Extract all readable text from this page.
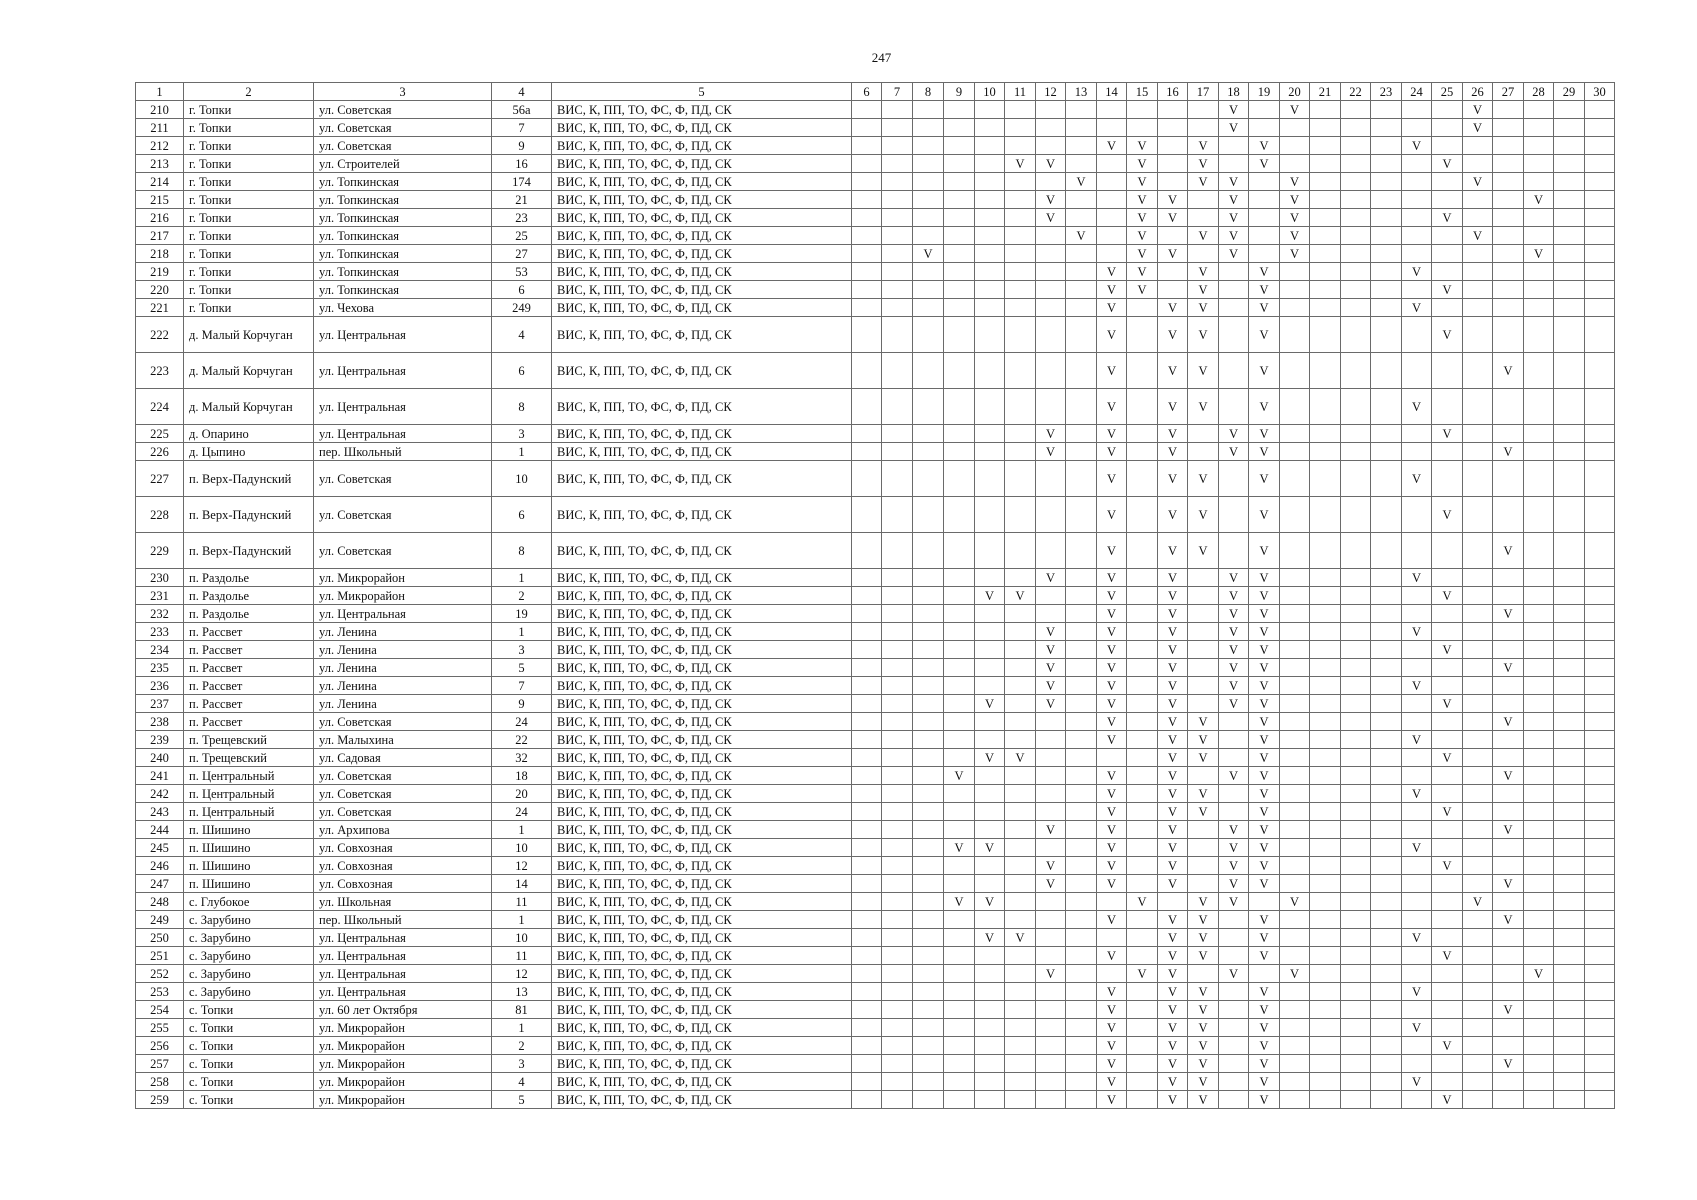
247
1	2	3	4	5	6	7	8	9	10	11	12	13	14	15	16	17	18	19	20	21	22	23	24	25	26	27	28	29	30
210	г. Топки	ул. Советская	56а	ВИС, К, ПП, ТО, ФС, Ф, ПД, СК													V		V						V				
211	г. Топки	ул. Советская	7	ВИС, К, ПП, ТО, ФС, Ф, ПД, СК													V								V				
212	г. Топки	ул. Советская	9	ВИС, К, ПП, ТО, ФС, Ф, ПД, СК									V	V		V		V					V						
213	г. Топки	ул. Строителей	16	ВИС, К, ПП, ТО, ФС, Ф, ПД, СК						V	V			V		V		V						V					
214	г. Топки	ул. Топкинская	174	ВИС, К, ПП, ТО, ФС, Ф, ПД, СК								V		V		V	V		V						V				
215	г. Топки	ул. Топкинская	21	ВИС, К, ПП, ТО, ФС, Ф, ПД, СК							V			V	V		V		V								V		
216	г. Топки	ул. Топкинская	23	ВИС, К, ПП, ТО, ФС, Ф, ПД, СК							V			V	V		V		V					V					
217	г. Топки	ул. Топкинская	25	ВИС, К, ПП, ТО, ФС, Ф, ПД, СК								V		V		V	V		V						V				
218	г. Топки	ул. Топкинская	27	ВИС, К, ПП, ТО, ФС, Ф, ПД, СК			V							V	V		V		V								V		
219	г. Топки	ул. Топкинская	53	ВИС, К, ПП, ТО, ФС, Ф, ПД, СК									V	V		V		V					V						
220	г. Топки	ул. Топкинская	6	ВИС, К, ПП, ТО, ФС, Ф, ПД, СК									V	V		V		V						V					
221	г. Топки	ул. Чехова	249	ВИС, К, ПП, ТО, ФС, Ф, ПД, СК									V		V	V		V					V						
222	д. Малый Корчуган	ул. Центральная	4	ВИС, К, ПП, ТО, ФС, Ф, ПД, СК									V		V	V		V						V					
223	д. Малый Корчуган	ул. Центральная	6	ВИС, К, ПП, ТО, ФС, Ф, ПД, СК									V		V	V		V								V			
224	д. Малый Корчуган	ул. Центральная	8	ВИС, К, ПП, ТО, ФС, Ф, ПД, СК									V		V	V		V					V						
225	д. Опарино	ул. Центральная	3	ВИС, К, ПП, ТО, ФС, Ф, ПД, СК							V		V		V		V	V						V					
226	д. Цыпино	пер. Школьный	1	ВИС, К, ПП, ТО, ФС, Ф, ПД, СК							V		V		V		V	V								V			
227	п. Верх-Падунский	ул. Советская	10	ВИС, К, ПП, ТО, ФС, Ф, ПД, СК									V		V	V		V					V						
228	п. Верх-Падунский	ул. Советская	6	ВИС, К, ПП, ТО, ФС, Ф, ПД, СК									V		V	V		V						V					
229	п. Верх-Падунский	ул. Советская	8	ВИС, К, ПП, ТО, ФС, Ф, ПД, СК									V		V	V		V								V			
230	п. Раздолье	ул. Микрорайон	1	ВИС, К, ПП, ТО, ФС, Ф, ПД, СК							V		V		V		V	V					V						
231	п. Раздолье	ул. Микрорайон	2	ВИС, К, ПП, ТО, ФС, Ф, ПД, СК					V	V			V		V		V	V						V					
232	п. Раздолье	ул. Центральная	19	ВИС, К, ПП, ТО, ФС, Ф, ПД, СК									V		V		V	V								V			
233	п. Рассвет	ул. Ленина	1	ВИС, К, ПП, ТО, ФС, Ф, ПД, СК							V		V		V		V	V					V						
234	п. Рассвет	ул. Ленина	3	ВИС, К, ПП, ТО, ФС, Ф, ПД, СК							V		V		V		V	V						V					
235	п. Рассвет	ул. Ленина	5	ВИС, К, ПП, ТО, ФС, Ф, ПД, СК							V		V		V		V	V								V			
236	п. Рассвет	ул. Ленина	7	ВИС, К, ПП, ТО, ФС, Ф, ПД, СК							V		V		V		V	V					V						
237	п. Рассвет	ул. Ленина	9	ВИС, К, ПП, ТО, ФС, Ф, ПД, СК					V		V		V		V		V	V						V					
238	п. Рассвет	ул. Советская	24	ВИС, К, ПП, ТО, ФС, Ф, ПД, СК									V		V	V		V								V			
239	п. Трещевский	ул. Малыхина	22	ВИС, К, ПП, ТО, ФС, Ф, ПД, СК									V		V	V		V					V						
240	п. Трещевский	ул. Садовая	32	ВИС, К, ПП, ТО, ФС, Ф, ПД, СК					V	V					V	V		V						V					
241	п. Центральный	ул. Советская	18	ВИС, К, ПП, ТО, ФС, Ф, ПД, СК				V					V		V		V	V								V			
242	п. Центральный	ул. Советская	20	ВИС, К, ПП, ТО, ФС, Ф, ПД, СК									V		V	V		V					V						
243	п. Центральный	ул. Советская	24	ВИС, К, ПП, ТО, ФС, Ф, ПД, СК									V		V	V		V						V					
244	п. Шишино	ул. Архипова	1	ВИС, К, ПП, ТО, ФС, Ф, ПД, СК							V		V		V		V	V								V			
245	п. Шишино	ул. Совхозная	10	ВИС, К, ПП, ТО, ФС, Ф, ПД, СК				V	V				V		V		V	V					V						
246	п. Шишино	ул. Совхозная	12	ВИС, К, ПП, ТО, ФС, Ф, ПД, СК							V		V		V		V	V						V					
247	п. Шишино	ул. Совхозная	14	ВИС, К, ПП, ТО, ФС, Ф, ПД, СК							V		V		V		V	V								V			
248	с. Глубокое	ул. Школьная	11	ВИС, К, ПП, ТО, ФС, Ф, ПД, СК				V	V					V		V	V		V						V				
249	с. Зарубино	пер. Школьный	1	ВИС, К, ПП, ТО, ФС, Ф, ПД, СК									V		V	V		V								V			
250	с. Зарубино	ул. Центральная	10	ВИС, К, ПП, ТО, ФС, Ф, ПД, СК					V	V					V	V		V					V						
251	с. Зарубино	ул. Центральная	11	ВИС, К, ПП, ТО, ФС, Ф, ПД, СК									V		V	V		V						V					
252	с. Зарубино	ул. Центральная	12	ВИС, К, ПП, ТО, ФС, Ф, ПД, СК							V			V	V		V		V								V		
253	с. Зарубино	ул. Центральная	13	ВИС, К, ПП, ТО, ФС, Ф, ПД, СК									V		V	V		V					V						
254	с. Топки	ул. 60 лет Октября	81	ВИС, К, ПП, ТО, ФС, Ф, ПД, СК									V		V	V		V								V			
255	с. Топки	ул. Микрорайон	1	ВИС, К, ПП, ТО, ФС, Ф, ПД, СК									V		V	V		V					V						
256	с. Топки	ул. Микрорайон	2	ВИС, К, ПП, ТО, ФС, Ф, ПД, СК									V		V	V		V						V					
257	с. Топки	ул. Микрорайон	3	ВИС, К, ПП, ТО, ФС, Ф, ПД, СК									V		V	V		V								V			
258	с. Топки	ул. Микрорайон	4	ВИС, К, ПП, ТО, ФС, Ф, ПД, СК									V		V	V		V					V						
259	с. Топки	ул. Микрорайон	5	ВИС, К, ПП, ТО, ФС, Ф, ПД, СК									V		V	V		V						V					
